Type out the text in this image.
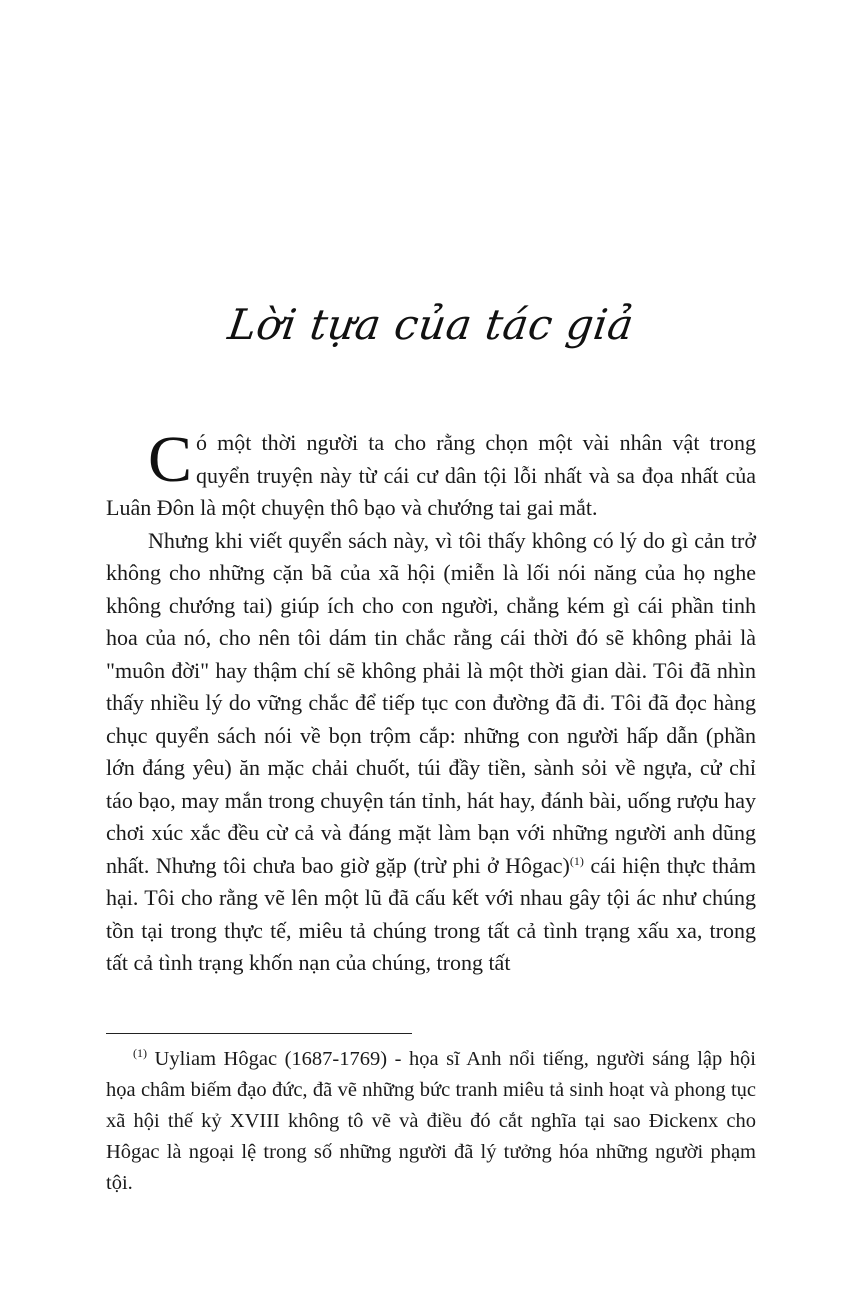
Lời tựa của tác giả

Có một thời người ta cho rằng chọn một vài nhân vật trong quyển truyện này từ cái cư dân tội lỗi nhất và sa đọa nhất của Luân Đôn là một chuyện thô bạo và chướng tai gai mắt.

Nhưng khi viết quyển sách này, vì tôi thấy không có lý do gì cản trở không cho những cặn bã của xã hội (miễn là lối nói năng của họ nghe không chướng tai) giúp ích cho con người, chẳng kém gì cái phần tinh hoa của nó, cho nên tôi dám tin chắc rằng cái thời đó sẽ không phải là "muôn đời" hay thậm chí sẽ không phải là một thời gian dài. Tôi đã nhìn thấy nhiều lý do vững chắc để tiếp tục con đường đã đi. Tôi đã đọc hàng chục quyển sách nói về bọn trộm cắp: những con người hấp dẫn (phần lớn đáng yêu) ăn mặc chải chuốt, túi đầy tiền, sành sỏi về ngựa, cử chỉ táo bạo, may mắn trong chuyện tán tỉnh, hát hay, đánh bài, uống rượu hay chơi xúc xắc đều cừ cả và đáng mặt làm bạn với những người anh dũng nhất. Nhưng tôi chưa bao giờ gặp (trừ phi ở Hôgac)$^{(1)}$ cái hiện thực thảm hại. Tôi cho rằng vẽ lên một lũ đã cấu kết với nhau gây tội ác như chúng tồn tại trong thực tế, miêu tả chúng trong tất cả tình trạng xấu xa, trong tất cả tình trạng khốn nạn của chúng, trong tất

$^{(1)}$ Uyliam Hôgac (1687-1769) - họa sĩ Anh nổi tiếng, người sáng lập hội họa châm biếm đạo đức, đã vẽ những bức tranh miêu tả sinh hoạt và phong tục xã hội thế kỷ XVIII không tô vẽ và điều đó cắt nghĩa tại sao Đickenx cho Hôgac là ngoại lệ trong số những người đã lý tưởng hóa những người phạm tội.
